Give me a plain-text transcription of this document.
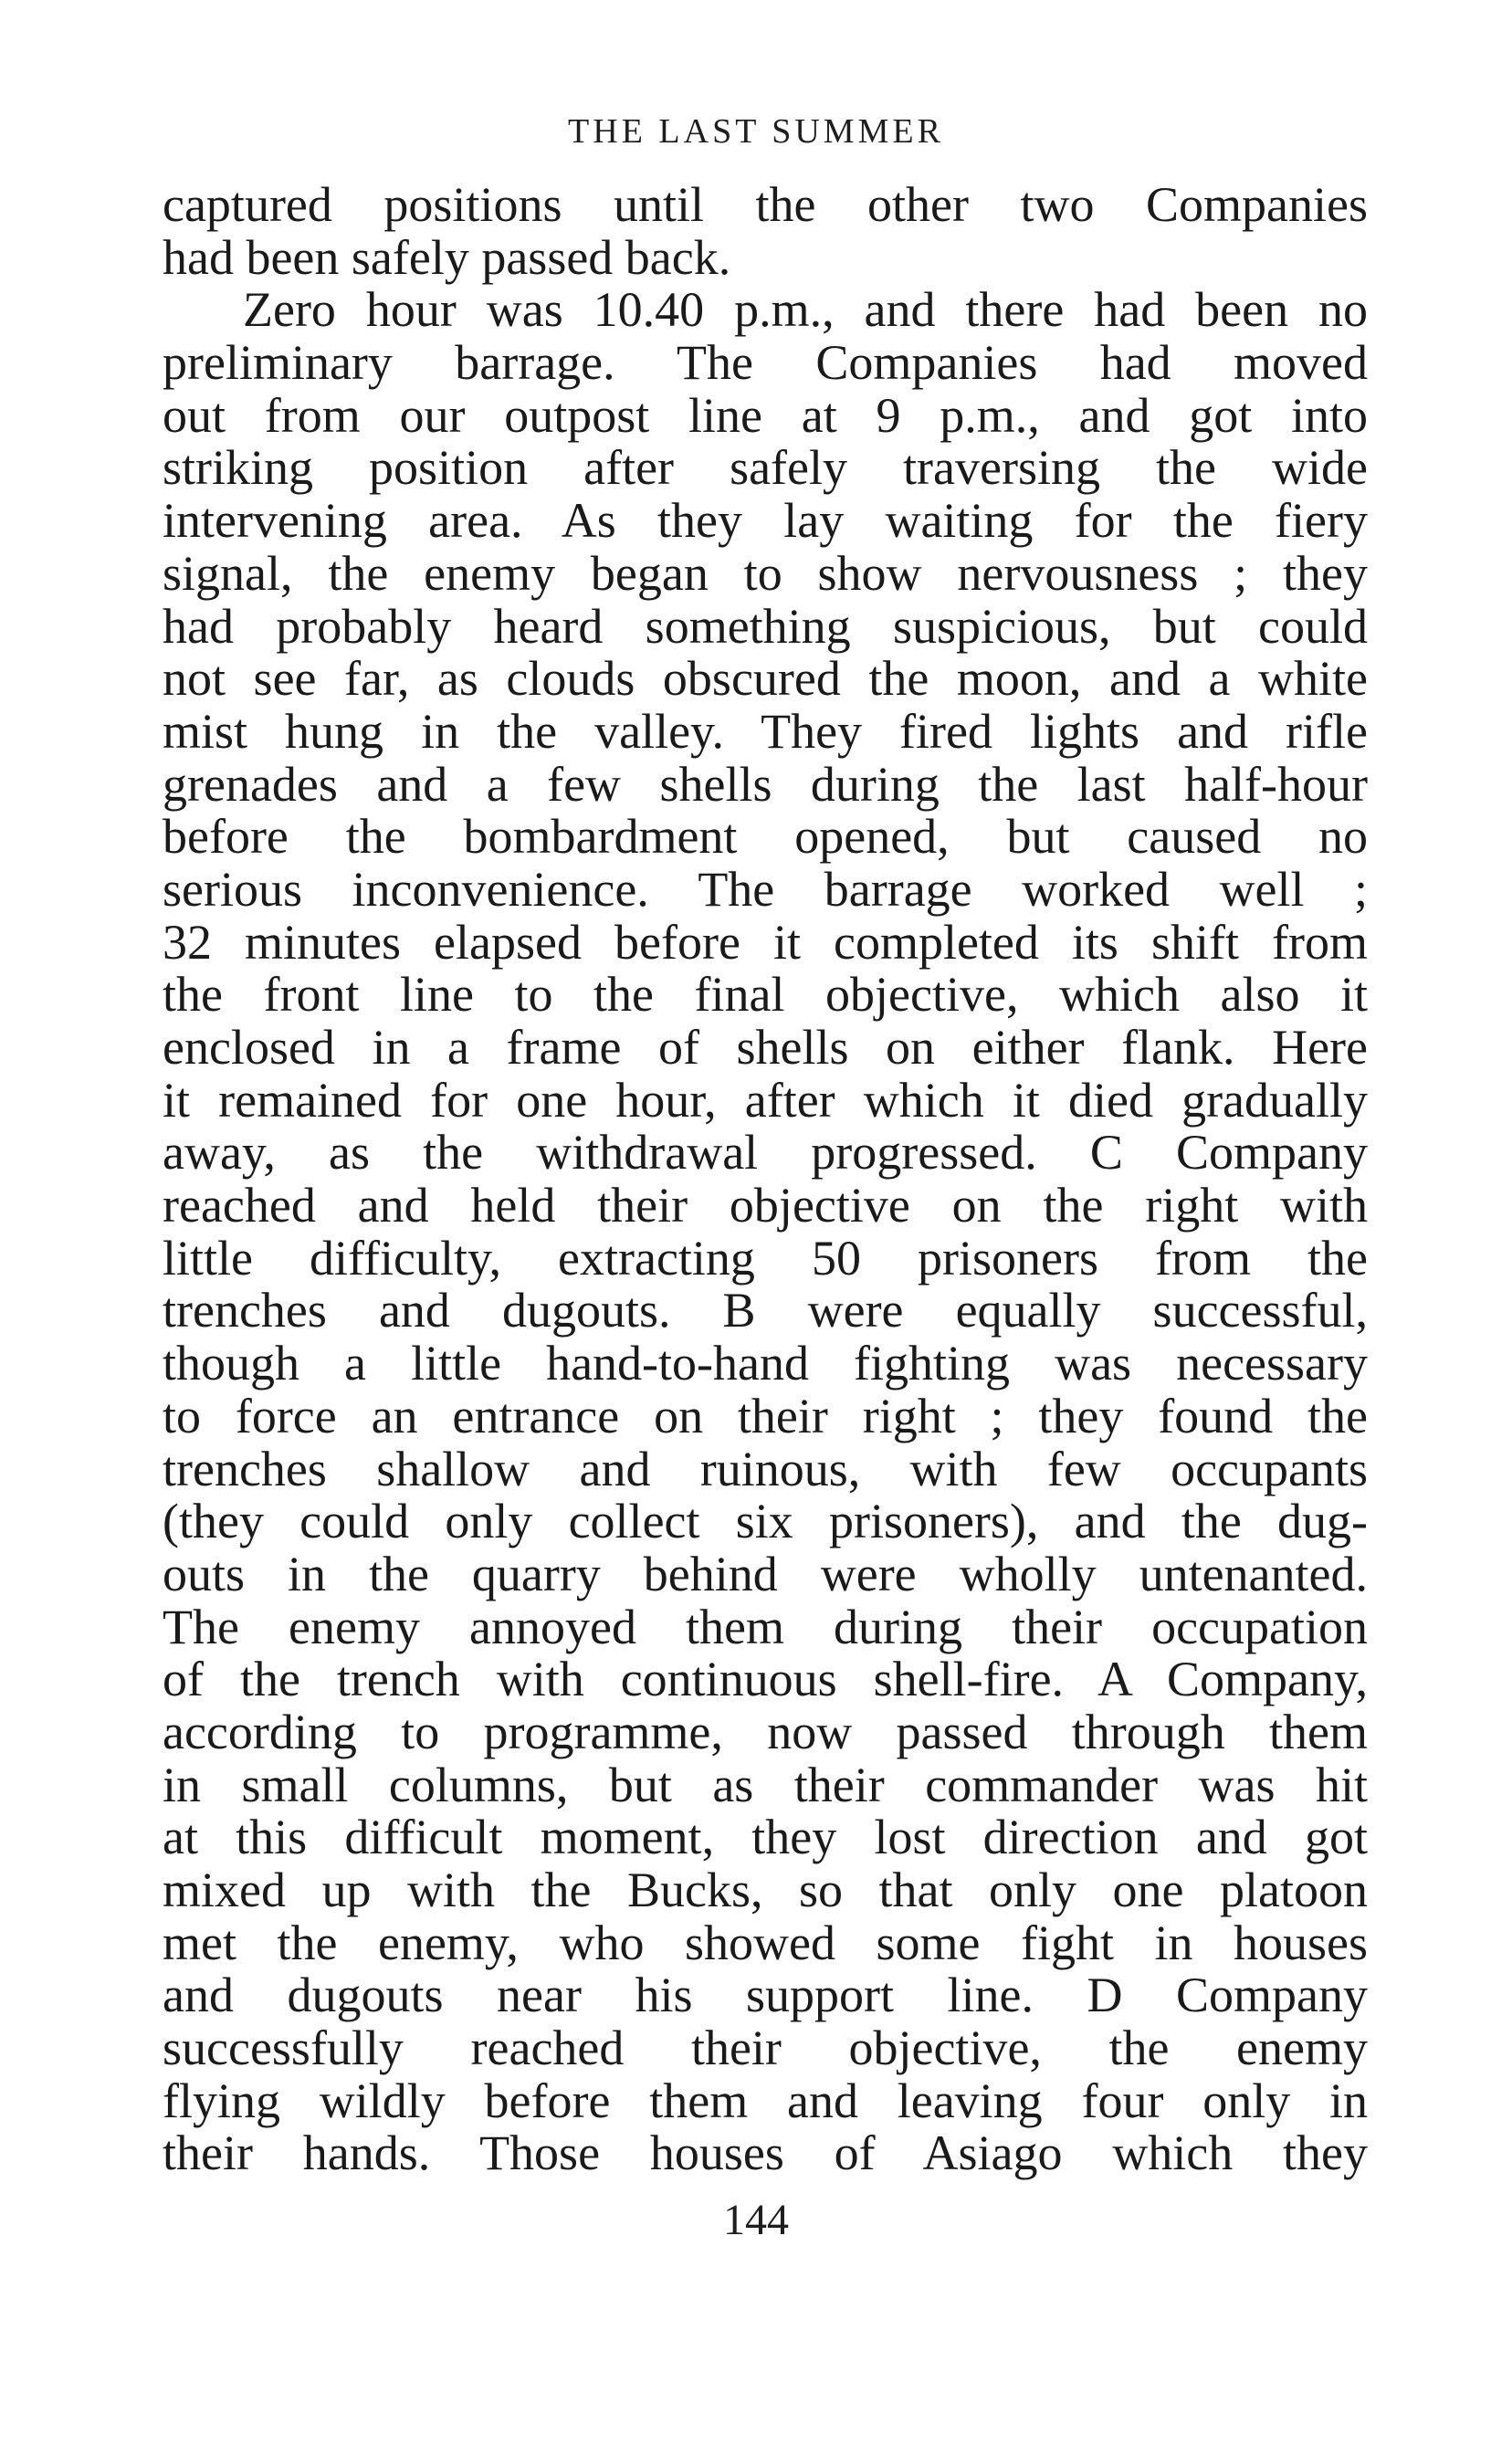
THE LAST SUMMER
captured positions until the other two Companies
had been safely passed back.
Zero hour was 10.40 p.m., and there had been no
preliminary barrage. The Companies had moved
out from our outpost line at 9 p.m., and got into
striking position after safely traversing the wide
intervening area. As they lay waiting for the fiery
signal, the enemy began to show nervousness ; they
had probably heard something suspicious, but could
not see far, as clouds obscured the moon, and a white
mist hung in the valley. They fired lights and rifle
grenades and a few shells during the last half-hour
before the bombardment opened, but caused no
serious inconvenience. The barrage worked well ;
32 minutes elapsed before it completed its shift from
the front line to the final objective, which also it
enclosed in a frame of shells on either flank. Here
it remained for one hour, after which it died gradually
away, as the withdrawal progressed. C Company
reached and held their objective on the right with
little difficulty, extracting 50 prisoners from the
trenches and dugouts. B were equally successful,
though a little hand-to-hand fighting was necessary
to force an entrance on their right ; they found the
trenches shallow and ruinous, with few occupants
(they could only collect six prisoners), and the dug-
outs in the quarry behind were wholly untenanted.
The enemy annoyed them during their occupation
of the trench with continuous shell-fire. A Company,
according to programme, now passed through them
in small columns, but as their commander was hit
at this difficult moment, they lost direction and got
mixed up with the Bucks, so that only one platoon
met the enemy, who showed some fight in houses
and dugouts near his support line. D Company
successfully reached their objective, the enemy
flying wildly before them and leaving four only in
their hands. Those houses of Asiago which they
144
